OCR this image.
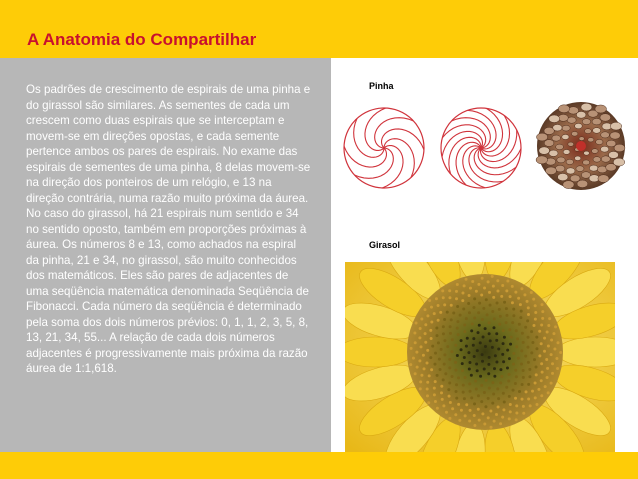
A Anatomia do Compartilhar
Os padrões de crescimento de espirais de uma pinha e do girassol são similares. As sementes de cada um crescem como duas espirais que se interceptam e movem-se em direções opostas, e cada semente pertence ambos os pares de espirais. No exame das espirais de sementes de uma pinha, 8 delas movem-se na direção dos ponteiros de um relógio, e 13 na direção contrária, numa razão muito próxima da áurea. No caso do girassol, há 21 espirais num sentido e 34 no sentido oposto, também em proporções próximas à áurea. Os números 8 e 13, como achados na espiral da pinha, 21 e 34, no girassol, são muito conhecidos dos matemáticos. Eles são pares de adjacentes de uma seqüência matemática denominada Seqüência de Fibonacci. Cada número da seqüência é determinado pela soma dos dois números prévios: 0, 1, 1, 2, 3, 5, 8, 13, 21, 34, 55... A relação de cada dois números adjacentes é progressivamente mais próxima da razão áurea de 1:1,618.
Pinha
Girasol
